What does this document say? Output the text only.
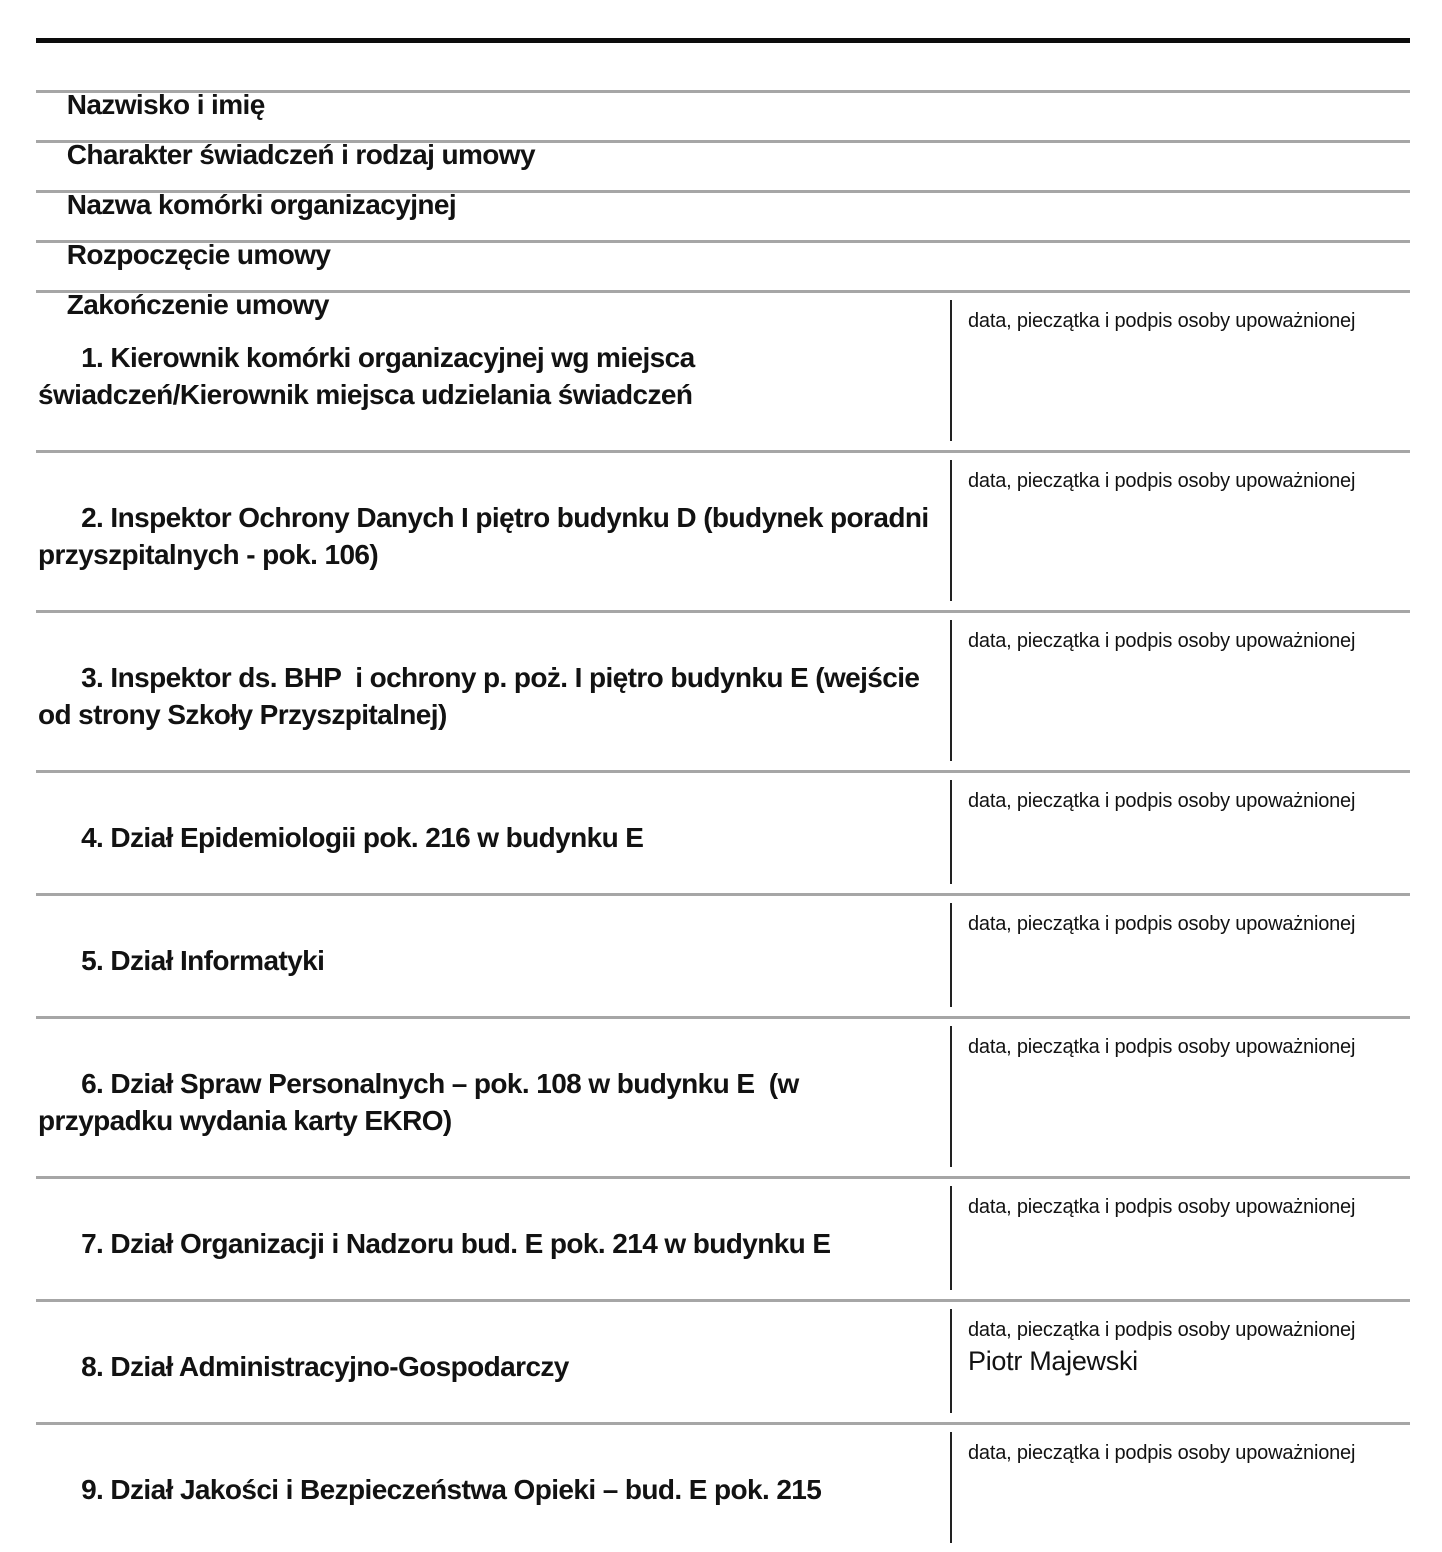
Nazwisko i imię

Charakter świadczeń i rodzaj umowy

Nazwa komórki organizacyjnej

Rozpoczęcie umowy

Zakończenie umowy

1. Kierownik komórki organizacyjnej wg miejsca świadczeń/Kierownik miejsca udzielania świadczeń

data, pieczątka i podpis osoby upoważnionej

2. Inspektor Ochrony Danych I piętro budynku D (budynek poradni przyszpitalnych - pok. 106)

data, pieczątka i podpis osoby upoważnionej

3. Inspektor ds. BHP  i ochrony p. poż. I piętro budynku E (wejście od strony Szkoły Przyszpitalnej)

data, pieczątka i podpis osoby upoważnionej

4. Dział Epidemiologii pok. 216 w budynku E

data, pieczątka i podpis osoby upoważnionej

5. Dział Informatyki

data, pieczątka i podpis osoby upoważnionej

6. Dział Spraw Personalnych – pok. 108 w budynku E  (w przypadku wydania karty EKRO)

data, pieczątka i podpis osoby upoważnionej

7. Dział Organizacji i Nadzoru bud. E pok. 214 w budynku E

data, pieczątka i podpis osoby upoważnionej

8. Dział Administracyjno-Gospodarczy

data, pieczątka i podpis osoby upoważnionej
Piotr Majewski

9. Dział Jakości i Bezpieczeństwa Opieki – bud. E pok. 215

data, pieczątka i podpis osoby upoważnionej
